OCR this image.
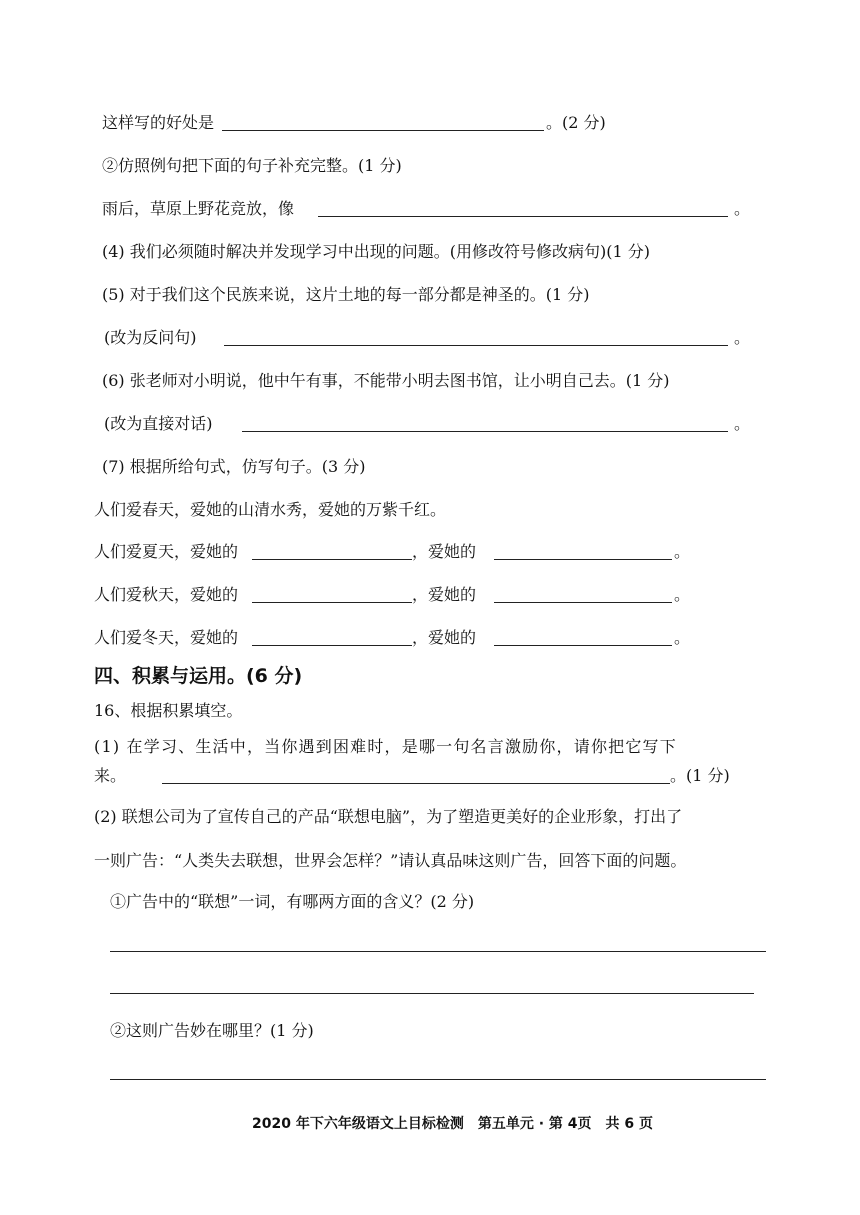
这样写的好处是	。(2 分)
②仿照例句把下面的句子补充完整。(1 分)
雨后，草原上野花竞放，像	。
(4) 我们必须随时解决并发现学习中出现的问题。(用修改符号修改病句)(1 分)
(5) 对于我们这个民族来说，这片土地的每一部分都是神圣的。(1 分)
(改为反问句)	。
(6) 张老师对小明说，他中午有事，不能带小明去图书馆，让小明自己去。(1 分)
(改为直接对话)	。
(7) 根据所给句式，仿写句子。(3 分)
人们爱春天，爱她的山清水秀，爱她的万紫千红。
人们爱夏天，爱她的	，爱她的	。
人们爱秋天，爱她的	，爱她的	。
人们爱冬天，爱她的	，爱她的	。
四、积累与运用。(6 分)
16、根据积累填空。
(1) 在学习、生活中，当你遇到困难时，是哪一句名言激励你，请你把它写下
来。	。(1 分)
(2) 联想公司为了宣传自己的产品“联想电脑”，为了塑造更美好的企业形象，打出了
一则广告：“人类失去联想，世界会怎样？”请认真品味这则广告，回答下面的问题。
①广告中的“联想”一词，有哪两方面的含义？(2 分)
②这则广告妙在哪里？(1 分)
2020 年下六年级语文上目标检测　第五单元 · 第 4页　共 6 页
